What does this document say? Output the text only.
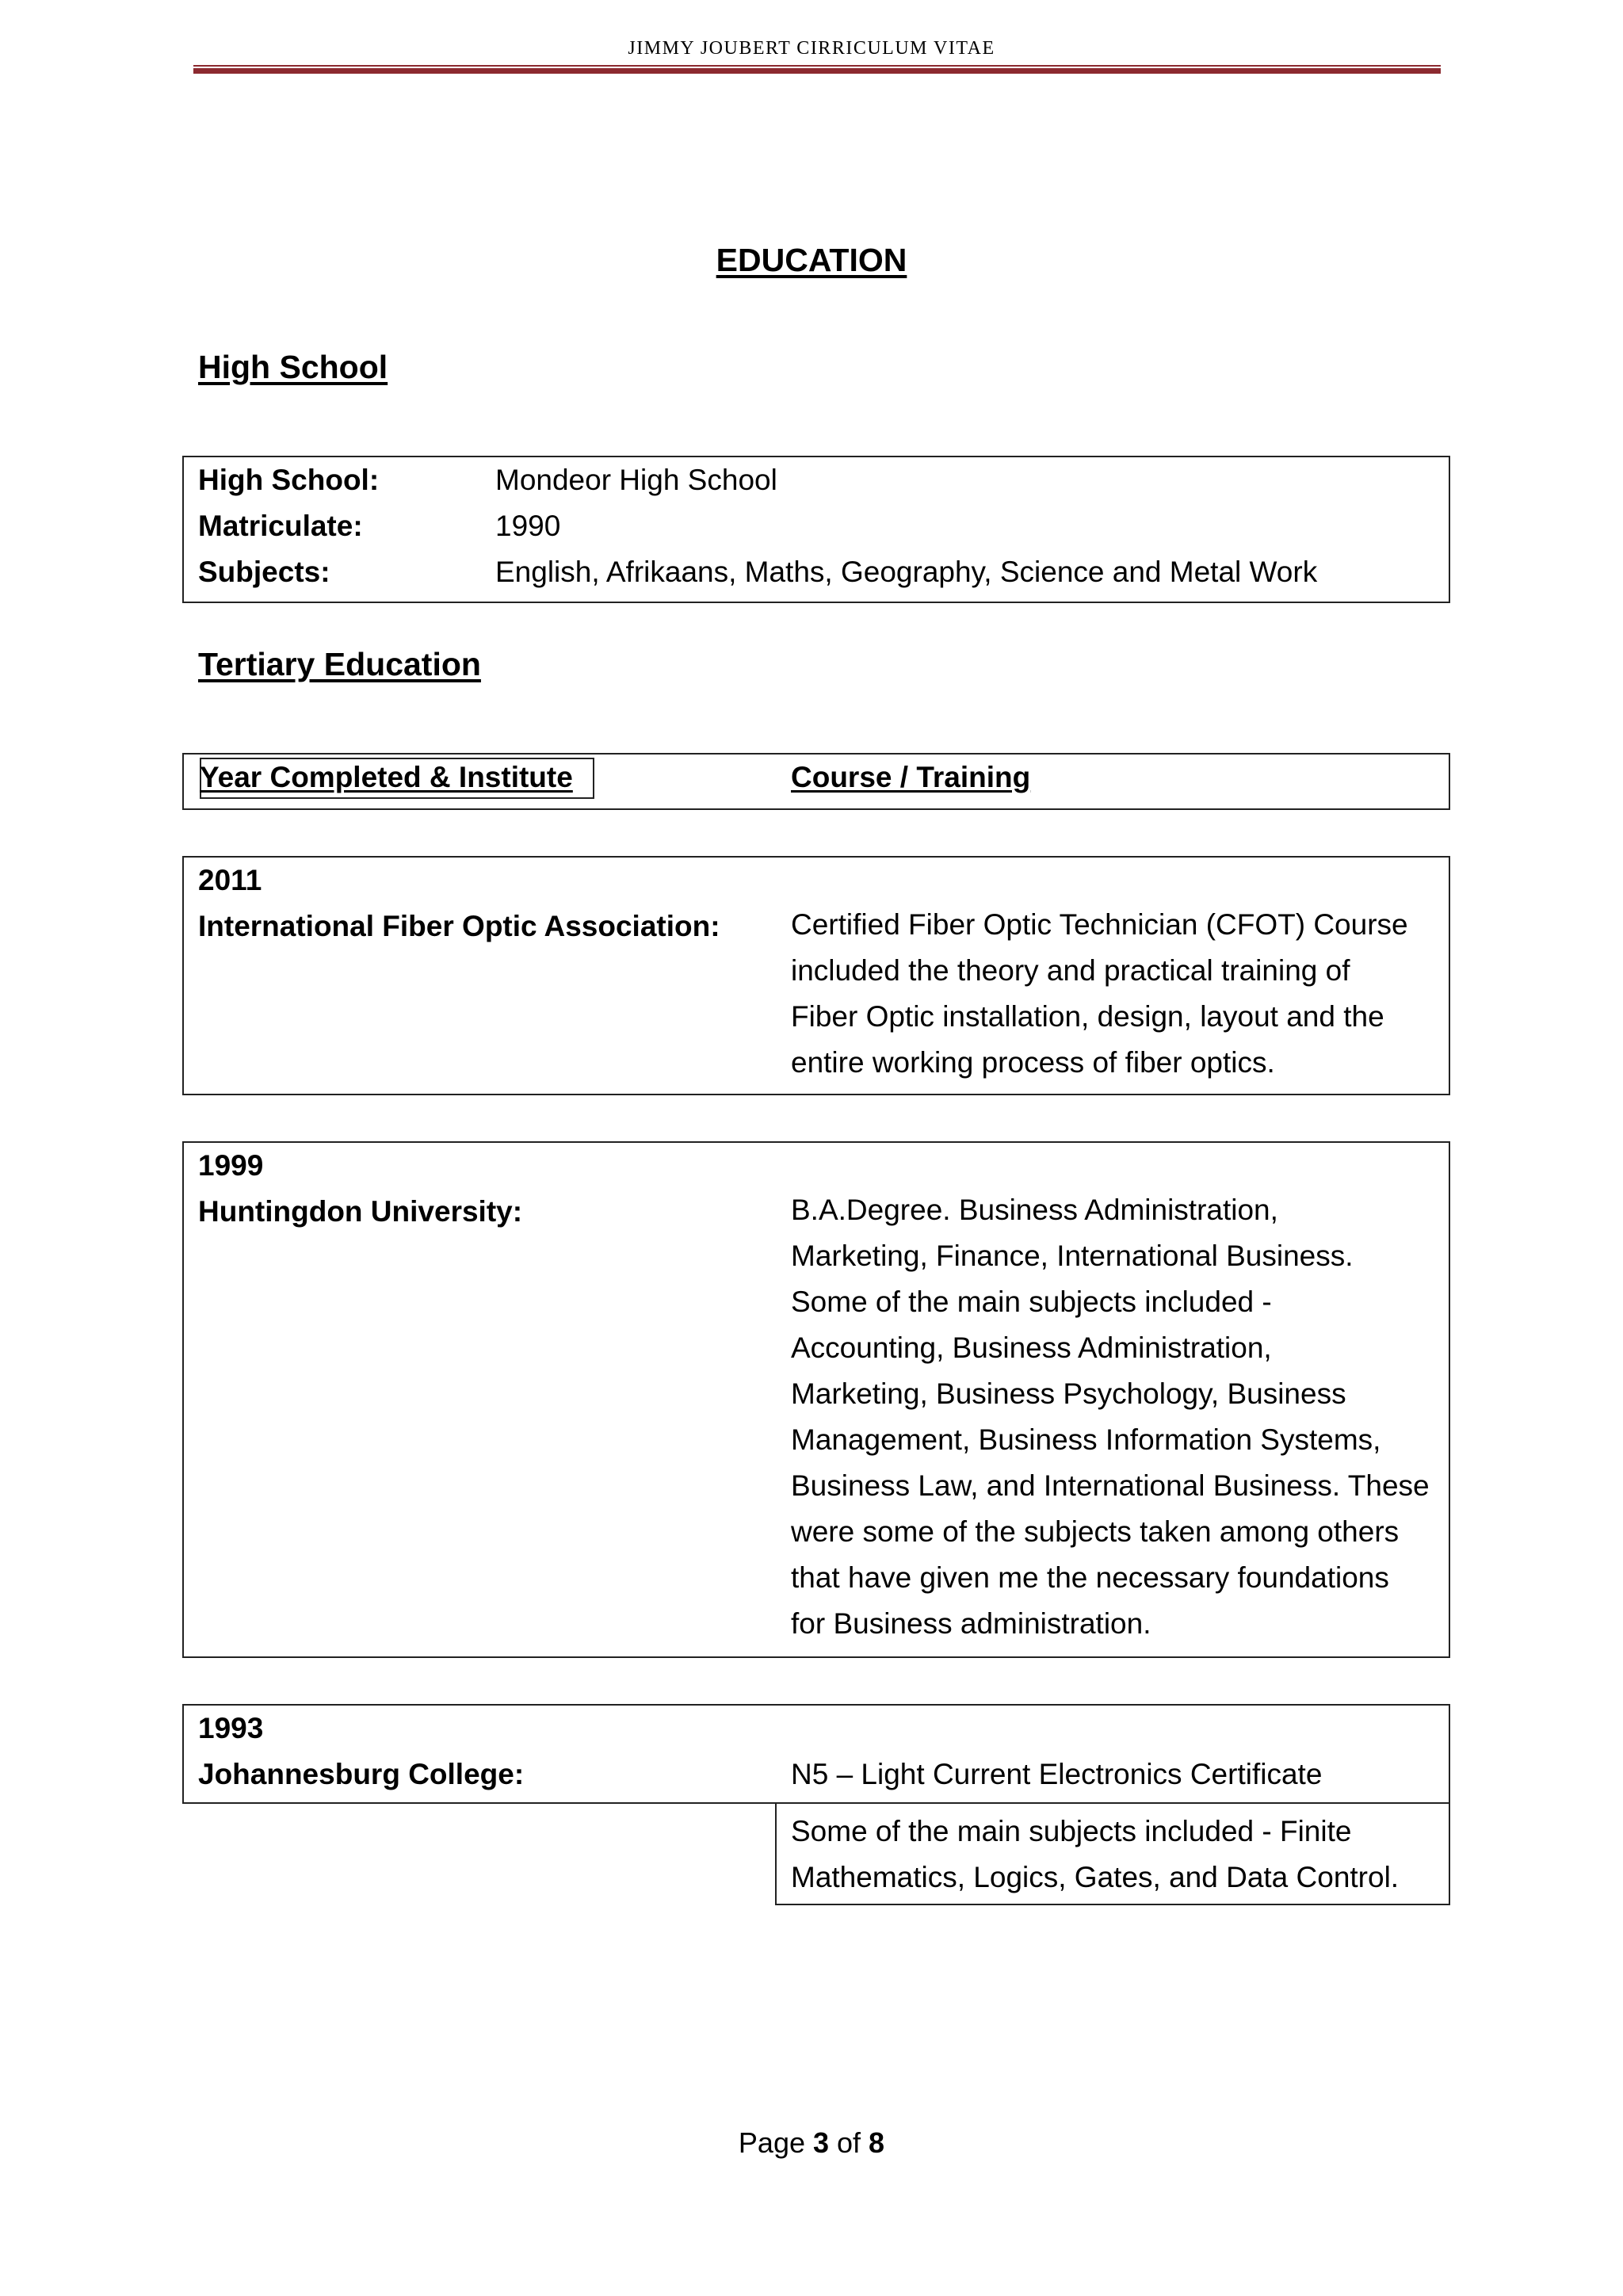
JIMMY JOUBERT CIRRICULUM VITAE
EDUCATION
High School
High School:	Mondeor High School
Matriculate:	1990
Subjects:	English, Afrikaans, Maths, Geography, Science and Metal Work
Tertiary Education
Year Completed & Institute	Course / Training
2011
International Fiber Optic Association: Certified Fiber Optic Technician (CFOT) Course
included the theory and practical training of
Fiber Optic installation, design, layout and the
entire working process of fiber optics.
1999
Huntingdon University:	B.A.Degree. Business Administration,
Marketing, Finance, International Business.
Some of the main subjects included -
Accounting, Business Administration,
Marketing, Business Psychology, Business
Management, Business Information Systems,
Business Law, and International Business. These
were some of the subjects taken among others
that have given me the necessary foundations
for Business administration.
1993
Johannesburg College:	N5 – Light Current Electronics Certificate
Some of the main subjects included - Finite
Mathematics, Logics, Gates, and Data Control.
Page 3 of 8
